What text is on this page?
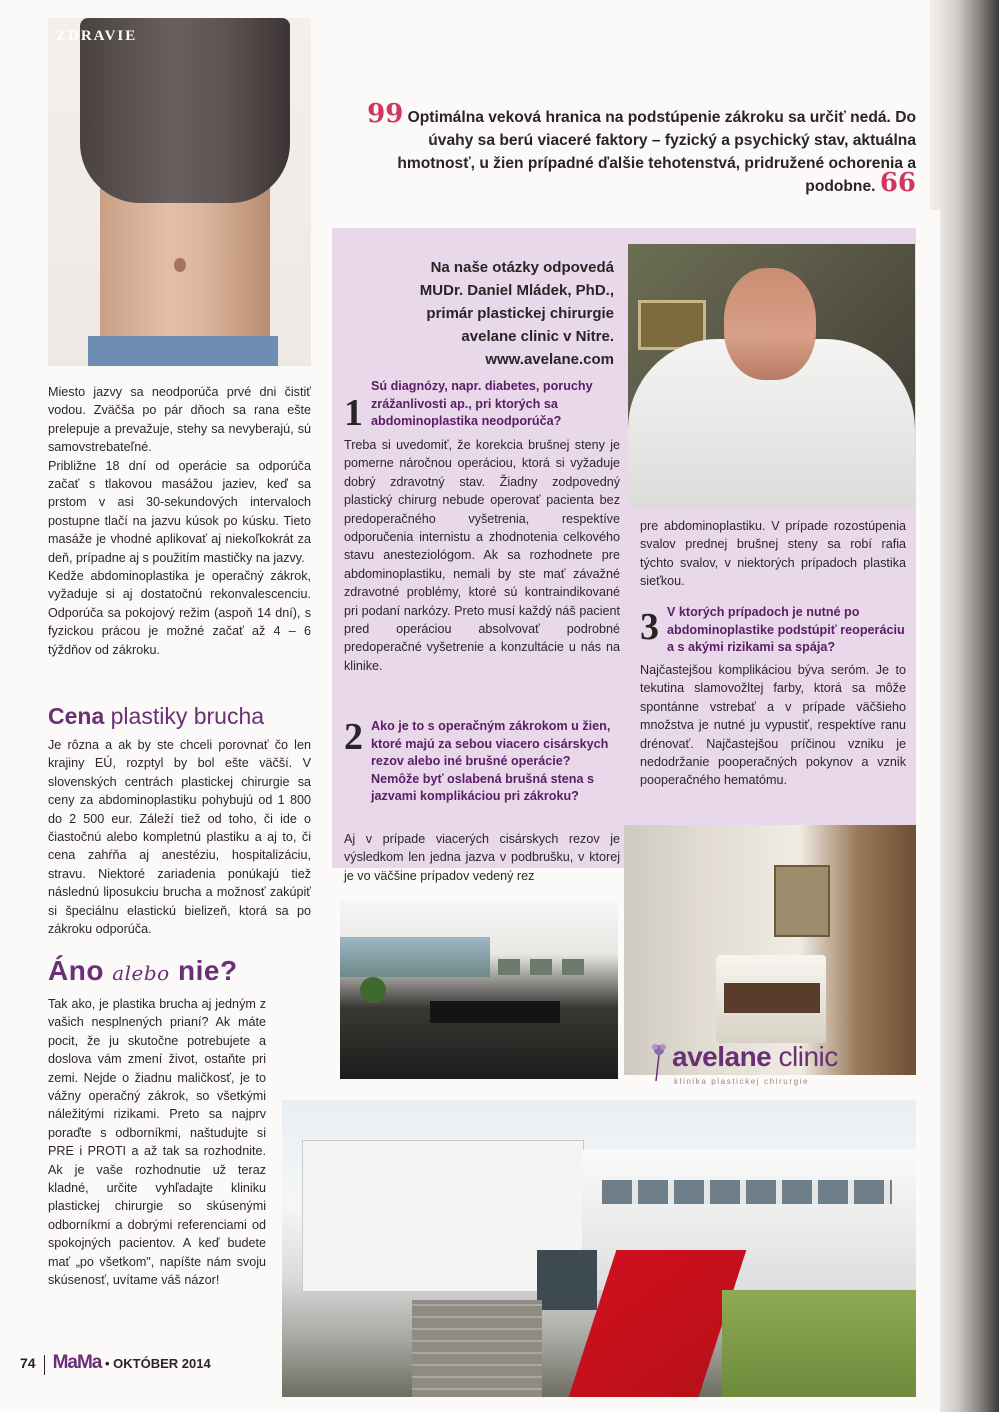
ZDRAVIE

Miesto jazvy sa neodporúča prvé dni čistiť vodou. Zväčša po pár dňoch sa rana ešte prelepuje a prevažuje, stehy sa nevyberajú, sú samovstrebateľné.

Približne 18 dní od operácie sa odporúča začať s tlakovou masážou jaziev, keď sa prstom v asi 30-sekundových intervaloch postupne tlačí na jazvu kúsok po kúsku. Tieto masáže je vhodné aplikovať aj niekoľkokrát za deň, prípadne aj s použitím mastičky na jazvy.

Kedže abdominoplastika je operačný zákrok, vyžaduje si aj dostatočnú rekonvalescenciu. Odporúča sa pokojový režim (aspoň 14 dní), s fyzickou prácou je možné začať až 4 – 6 týždňov od zákroku.

Cena plastiky brucha

Je rôzna a ak by ste chceli porovnať čo len krajiny EÚ, rozptyl by bol ešte väčší. V slovenských centrách plastickej chirurgie sa ceny za abdominoplastiku pohybujú od 1 800 do 2 500 eur. Záleží tiež od toho, či ide o čiastočnú alebo kompletnú plastiku a aj to, či cena zahŕňa aj anestéziu, hospitalizáciu, stravu. Niektoré zariadenia ponúkajú tiež následnú liposukciu brucha a možnosť zakúpiť si špeciálnu elastickú bielizeň, ktorá sa po zákroku odporúča.

Áno alebo nie?

Tak ako, je plastika brucha aj jedným z vašich nesplnených prianí? Ak máte pocit, že ju skutočne potrebujete a doslova vám zmení život, ostaňte pri zemi. Nejde o žiadnu maličkosť, je to vážny operačný zákrok, so všetkými náležitými rizikami. Preto sa najprv poraďte s odborníkmi, naštudujte si PRE i PROTI a až tak sa rozhodnite. Ak je vaše rozhodnutie už teraz kladné, určite vyhľadajte kliniku plastickej chirurgie so skúsenými odborníkmi a dobrými referenciami od spokojných pacientov. A keď budete mať „po všetkom", napíšte nám svoju skúsenosť, uvítame váš názor!

99 Optimálna veková hranica na podstúpenie zákroku sa určiť nedá. Do úvahy sa berú viaceré faktory – fyzický a psychický stav, aktuálna hmotnosť, u žien prípadné ďalšie tehotenstvá, pridružené ochorenia a podobne. 66
Na naše otázky odpovedá
MUDr. Daniel Mládek, PhD.,
primár plastickej chirurgie
avelane clinic v Nitre.
www.avelane.com
1
Sú diagnózy, napr. diabetes, poruchy zrážanlivosti ap., pri ktorých sa abdominoplastika neodporúča?
Treba si uvedomiť, že korekcia brušnej steny je pomerne náročnou operáciou, ktorá si vyžaduje dobrý zdravotný stav. Žiadny zodpovedný plastický chirurg nebude operovať pacienta bez predoperačného vyšetrenia, respektíve odporučenia internistu a zhodnotenia celkového stavu anesteziológom. Ak sa rozhodnete pre abdominoplastiku, nemali by ste mať závažné zdravotné problémy, ktoré sú kontraindikované pri podaní narkózy. Preto musí každý náš pacient pred operáciou absolvovať podrobné predoperačné vyšetrenie a konzultácie u nás na klinike.
2 Ako je to s operačným zákrokom u žien, ktoré majú za sebou viacero cisárskych rezov alebo iné brušné operácie? Nemôže byť oslabená brušná stena s jazvami komplikáciou pri zákroku?
Aj v prípade viacerých cisárskych rezov je výsledkom len jedna jazva v podbrušku, v ktorej je vo väčšine prípadov vedený rez
pre abdominoplastiku. V prípade rozostúpenia svalov prednej brušnej steny sa robí rafia týchto svalov, v niektorých prípadoch plastika sieťkou.
3 V ktorých prípadoch je nutné po abdominoplastike podstúpiť reoperáciu a s akými rizikami sa spája?
Najčastejšou komplikáciou býva seróm. Je to tekutina slamovožltej farby, ktorá sa môže spontánne vstrebať a v prípade väčšieho množstva je nutné ju vypustiť, respektíve ranu drénovať. Najčastejšou príčinou vzniku je nedodržanie pooperačných pokynov a vznik pooperačného hematómu.
avelane clinic
klinika plastickej chirurgie
74 MaMa • OKTÓBER 2014
